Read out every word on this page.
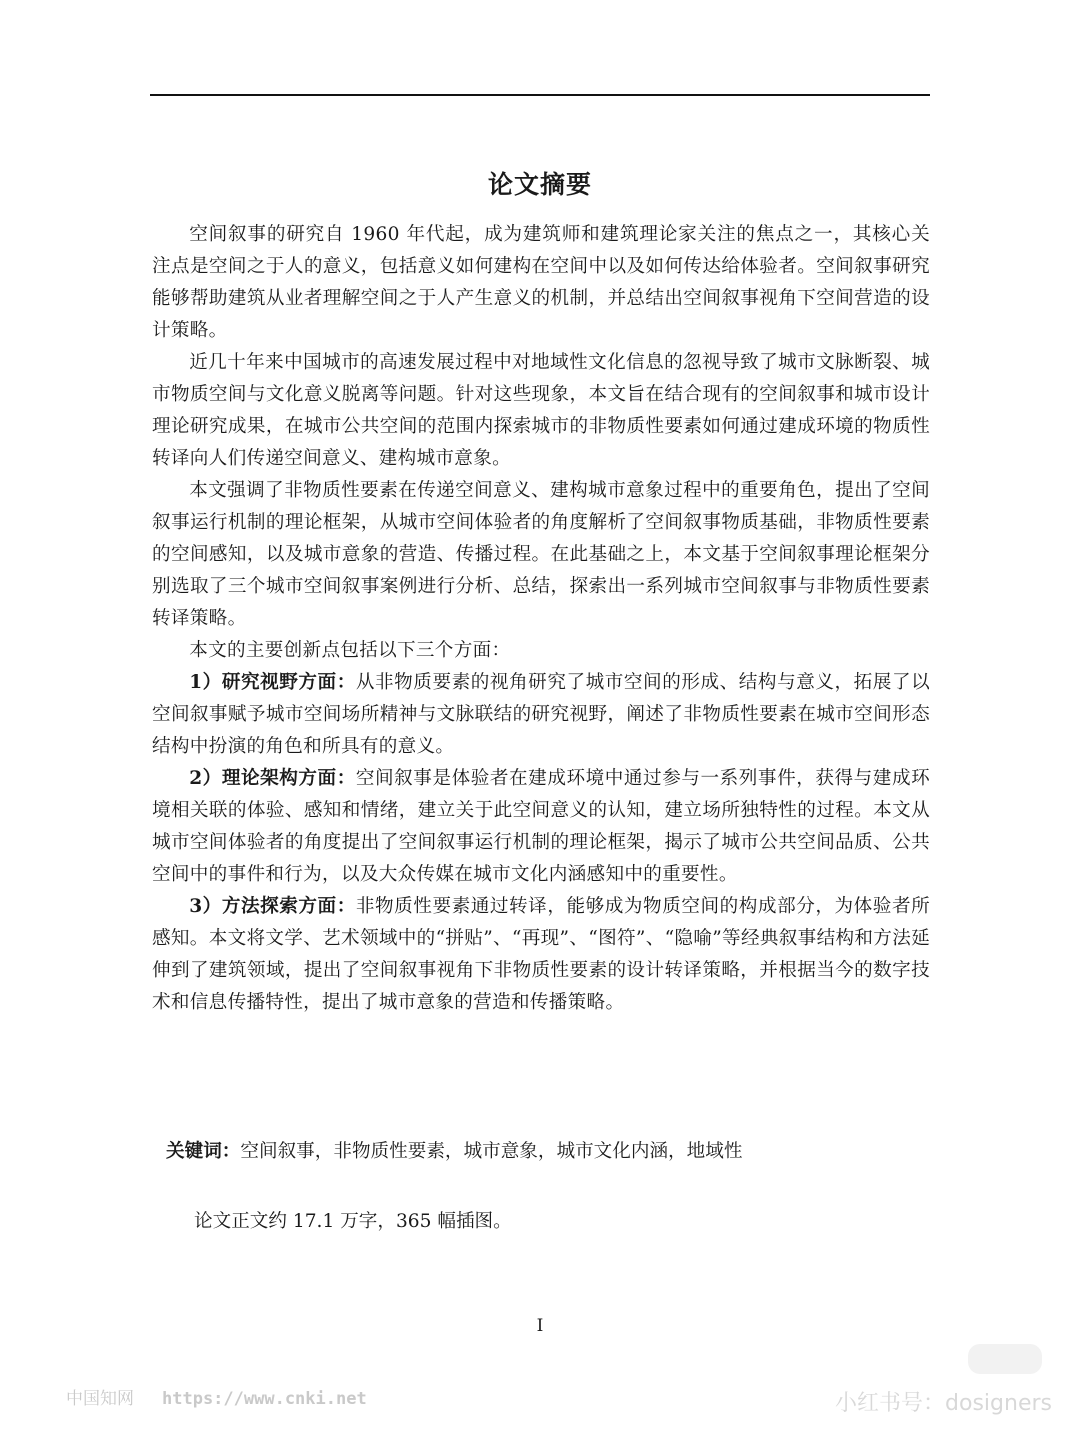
论文摘要

空间叙事的研究自 1960 年代起，成为建筑师和建筑理论家关注的焦点之一，其核心关注点是空间之于人的意义，包括意义如何建构在空间中以及如何传达给体验者。空间叙事研究能够帮助建筑从业者理解空间之于人产生意义的机制，并总结出空间叙事视角下空间营造的设计策略。

近几十年来中国城市的高速发展过程中对地域性文化信息的忽视导致了城市文脉断裂、城市物质空间与文化意义脱离等问题。针对这些现象，本文旨在结合现有的空间叙事和城市设计理论研究成果，在城市公共空间的范围内探索城市的非物质性要素如何通过建成环境的物质性转译向人们传递空间意义、建构城市意象。

本文强调了非物质性要素在传递空间意义、建构城市意象过程中的重要角色，提出了空间叙事运行机制的理论框架，从城市空间体验者的角度解析了空间叙事物质基础，非物质性要素的空间感知，以及城市意象的营造、传播过程。在此基础之上，本文基于空间叙事理论框架分别选取了三个城市空间叙事案例进行分析、总结，探索出一系列城市空间叙事与非物质性要素转译策略。

本文的主要创新点包括以下三个方面：

1）研究视野方面：从非物质要素的视角研究了城市空间的形成、结构与意义，拓展了以空间叙事赋予城市空间场所精神与文脉联结的研究视野，阐述了非物质性要素在城市空间形态结构中扮演的角色和所具有的意义。

2）理论架构方面：空间叙事是体验者在建成环境中通过参与一系列事件，获得与建成环境相关联的体验、感知和情绪，建立关于此空间意义的认知，建立场所独特性的过程。本文从城市空间体验者的角度提出了空间叙事运行机制的理论框架，揭示了城市公共空间品质、公共空间中的事件和行为，以及大众传媒在城市文化内涵感知中的重要性。

3）方法探索方面：非物质性要素通过转译，能够成为物质空间的构成部分，为体验者所感知。本文将文学、艺术领域中的“拼贴”、“再现”、“图符”、“隐喻”等经典叙事结构和方法延伸到了建筑领域，提出了空间叙事视角下非物质性要素的设计转译策略，并根据当今的数字技术和信息传播特性，提出了城市意象的营造和传播策略。

关键词：空间叙事，非物质性要素，城市意象，城市文化内涵，地域性
论文正文约 17.1 万字，365 幅插图。
I
中国知网 https://www.cnki.net	小红书号：dosigners
